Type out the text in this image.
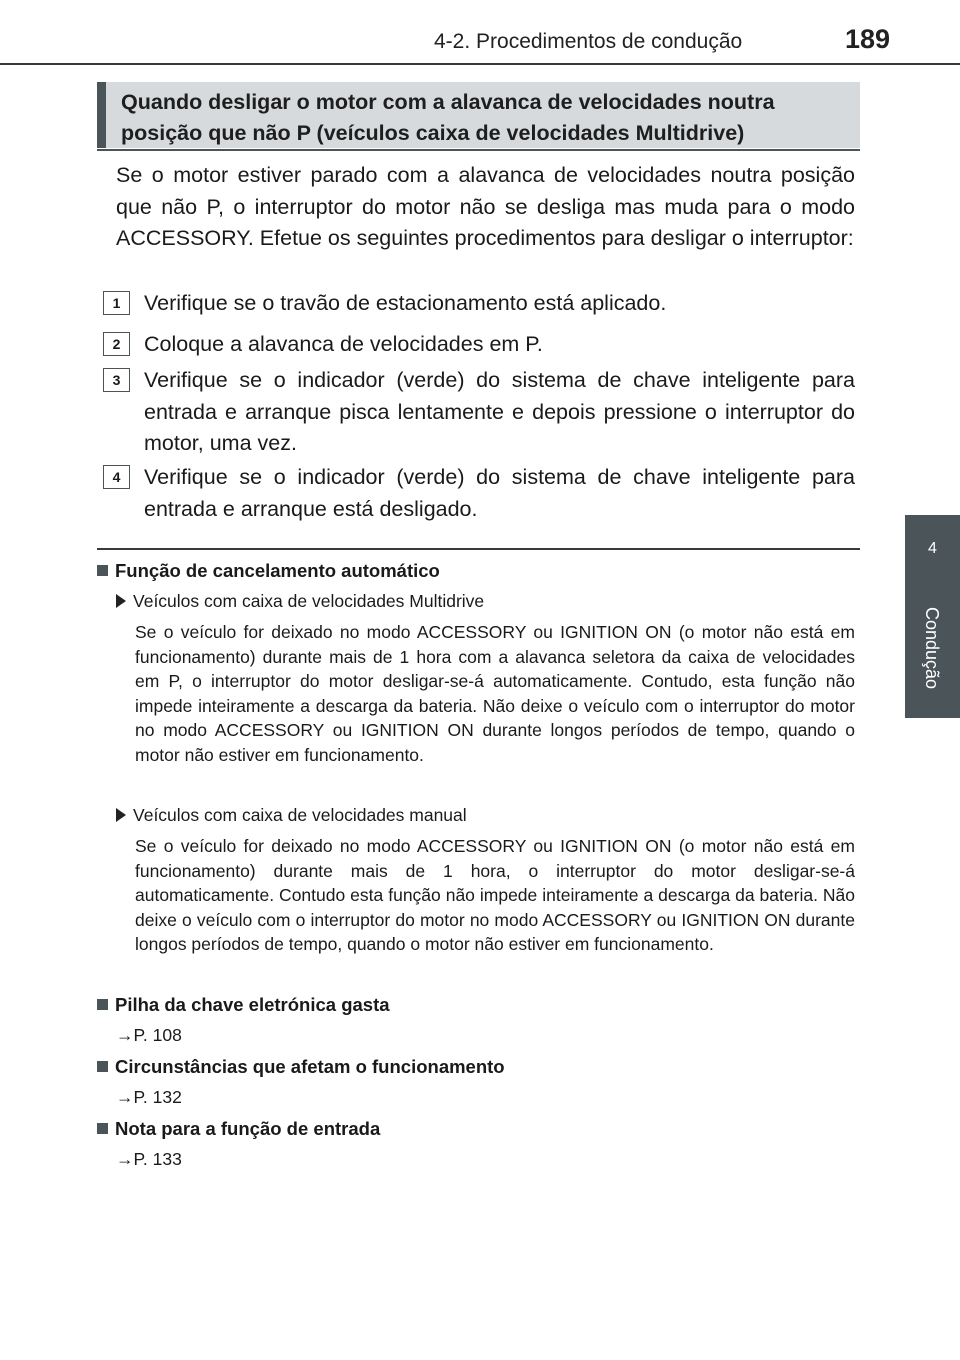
4-2. Procedimentos de condução	189
4
Condução
Quando desligar o motor com a alavanca de velocidades noutra posição que não P (veículos caixa de velocidades Multidrive)
Se o motor estiver parado com a alavanca de velocidades noutra posição que não P, o interruptor do motor não se desliga mas muda para o modo ACCESSORY. Efetue os seguintes procedimentos para desligar o interruptor:
1	Verifique se o travão de estacionamento está aplicado.
2	Coloque a alavanca de velocidades em P.
3	Verifique se o indicador (verde) do sistema de chave inteligente para entrada e arranque pisca lentamente e depois pressione o interruptor do motor, uma vez.
4	Verifique se o indicador (verde) do sistema de chave inteligente para entrada e arranque está desligado.
Função de cancelamento automático
Veículos com caixa de velocidades Multidrive
Se o veículo for deixado no modo ACCESSORY ou IGNITION ON (o motor não está em funcionamento) durante mais de 1 hora com a alavanca seletora da caixa de velocidades em P, o interruptor do motor desligar-se-á automaticamente. Contudo, esta função não impede inteiramente a descarga da bateria. Não deixe o veículo com o interruptor do motor no modo ACCESSORY ou IGNITION ON durante longos períodos de tempo, quando o motor não estiver em funcionamento.
Veículos com caixa de velocidades manual
Se o veículo for deixado no modo ACCESSORY ou IGNITION ON (o motor não está em funcionamento) durante mais de 1 hora, o interruptor do motor desligar-se-á automaticamente. Contudo esta função não impede inteiramente a descarga da bateria. Não deixe o veículo com o interruptor do motor no modo ACCESSORY ou IGNITION ON durante longos períodos de tempo, quando o motor não estiver em funcionamento.
Pilha da chave eletrónica gasta
→P. 108
Circunstâncias que afetam o funcionamento
→P. 132
Nota para a função de entrada
→P. 133
